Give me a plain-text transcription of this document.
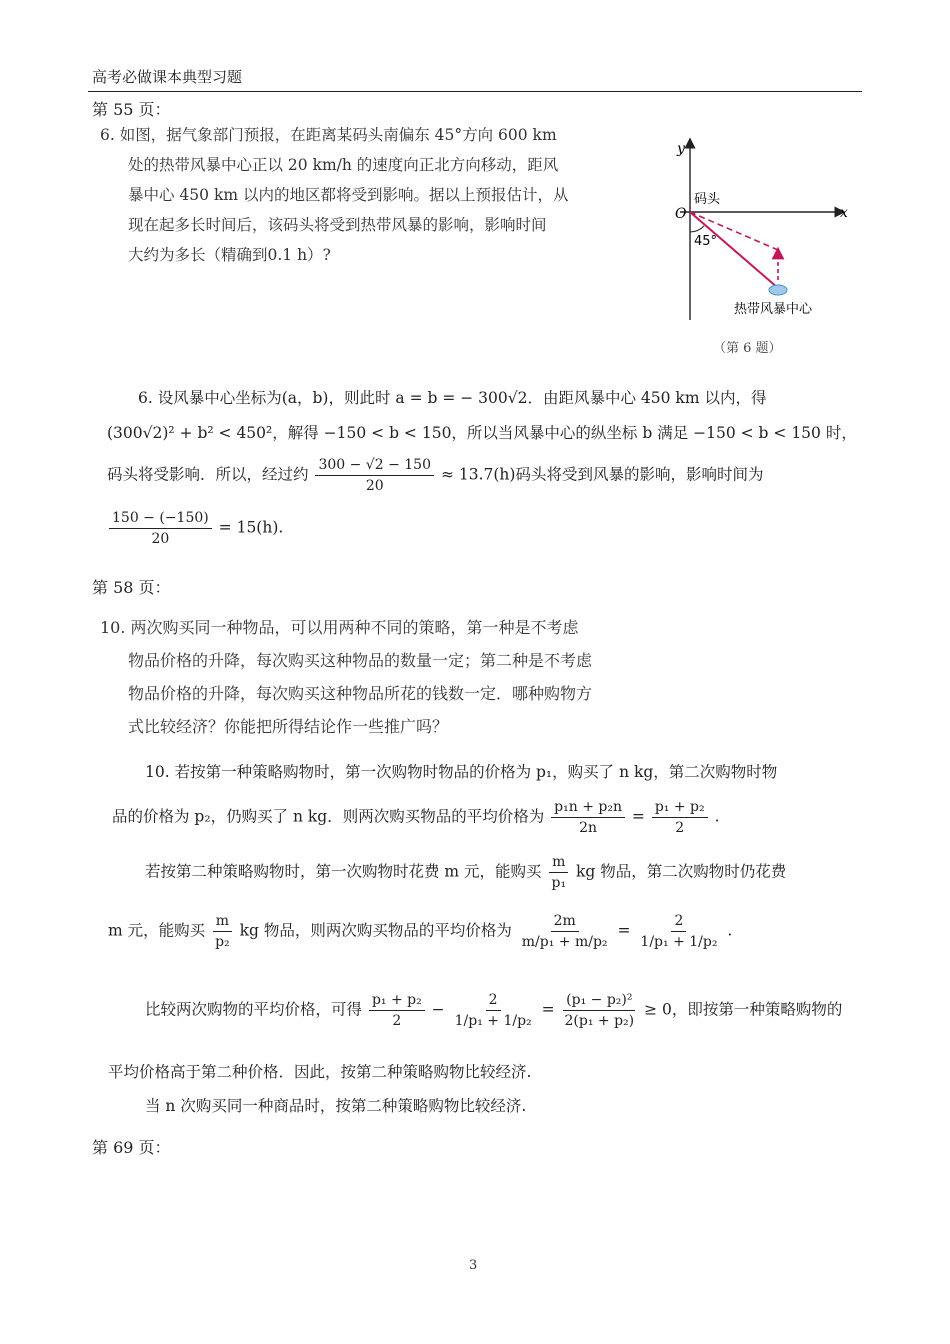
高考必做课本典型习题
第 55 页：

6. 如图，据气象部门预报，在距离某码头南偏东 45°方向 600 km

处的热带风暴中心正以 20 km/h 的速度向正北方向移动，距风

暴中心 450 km 以内的地区都将受到影响。据以上预报估计，从

现在起多长时间后，该码头将受到热带风暴的影响，影响时间

大约为多长（精确到0.1 h）?

y
x
O
码头
45°
热带风暴中心
（第 6 题）
6. 设风暴中心坐标为(a，b)，则此时 a = b = − 300√2．由距风暴中心 450 km 以内，得
(300√2)² + b² < 450²，解得 −150 < b < 150，所以当风暴中心的纵坐标 b 满足 −150 < b < 150 时，
码头将受影响．所以，经过约 $\frac{300 - √2 - 150}{20} \approx 13.7(h)$码头将受到风暴的影响，影响时间为
$\frac{150 - (-150)}{20} = 15(h)$.
第 58 页：

10. 两次购买同一种物品，可以用两种不同的策略，第一种是不考虑

物品价格的升降，每次购买这种物品的数量一定；第二种是不考虑

物品价格的升降，每次购买这种物品所花的钱数一定．哪种购物方

式比较经济？你能把所得结论作一些推广吗？

10. 若按第一种策略购物时，第一次购物时物品的价格为 p₁，购买了 n kg，第二次购物时物
品的价格为 p₂，仍购买了 n kg．则两次购买物品的平均价格为 $\frac{\text{p₁n + p₂n}}{2n} = \frac{\text{p₁ + p₂}}{2}$ .
若按第二种策略购物时，第一次购物时花费 m 元，能购买 $\frac{m}{\text{p₁}}$ kg 物品，第二次购物时仍花费
m 元，能购买 $\frac{m}{\text{p₂}}$ kg 物品，则两次购买物品的平均价格为 $\frac{2m}{\text{m/p₁ + m/p₂}} = \frac{2}{\text{1/p₁ + 1/p₂}}$ .
比较两次购物的平均价格，可得 $\frac{\text{p₁ + p₂}}{2} - \frac{2}{\text{1/p₁ + 1/p₂}} = \frac{\text{(p₁ − p₂)²}}{\text{2(p₁ + p₂)}} \ge 0$，即按第一种策略购物的
平均价格高于第二种价格．因此，按第二种策略购物比较经济.
当 n 次购买同一种商品时，按第二种策略购物比较经济.
第 69 页：
3
